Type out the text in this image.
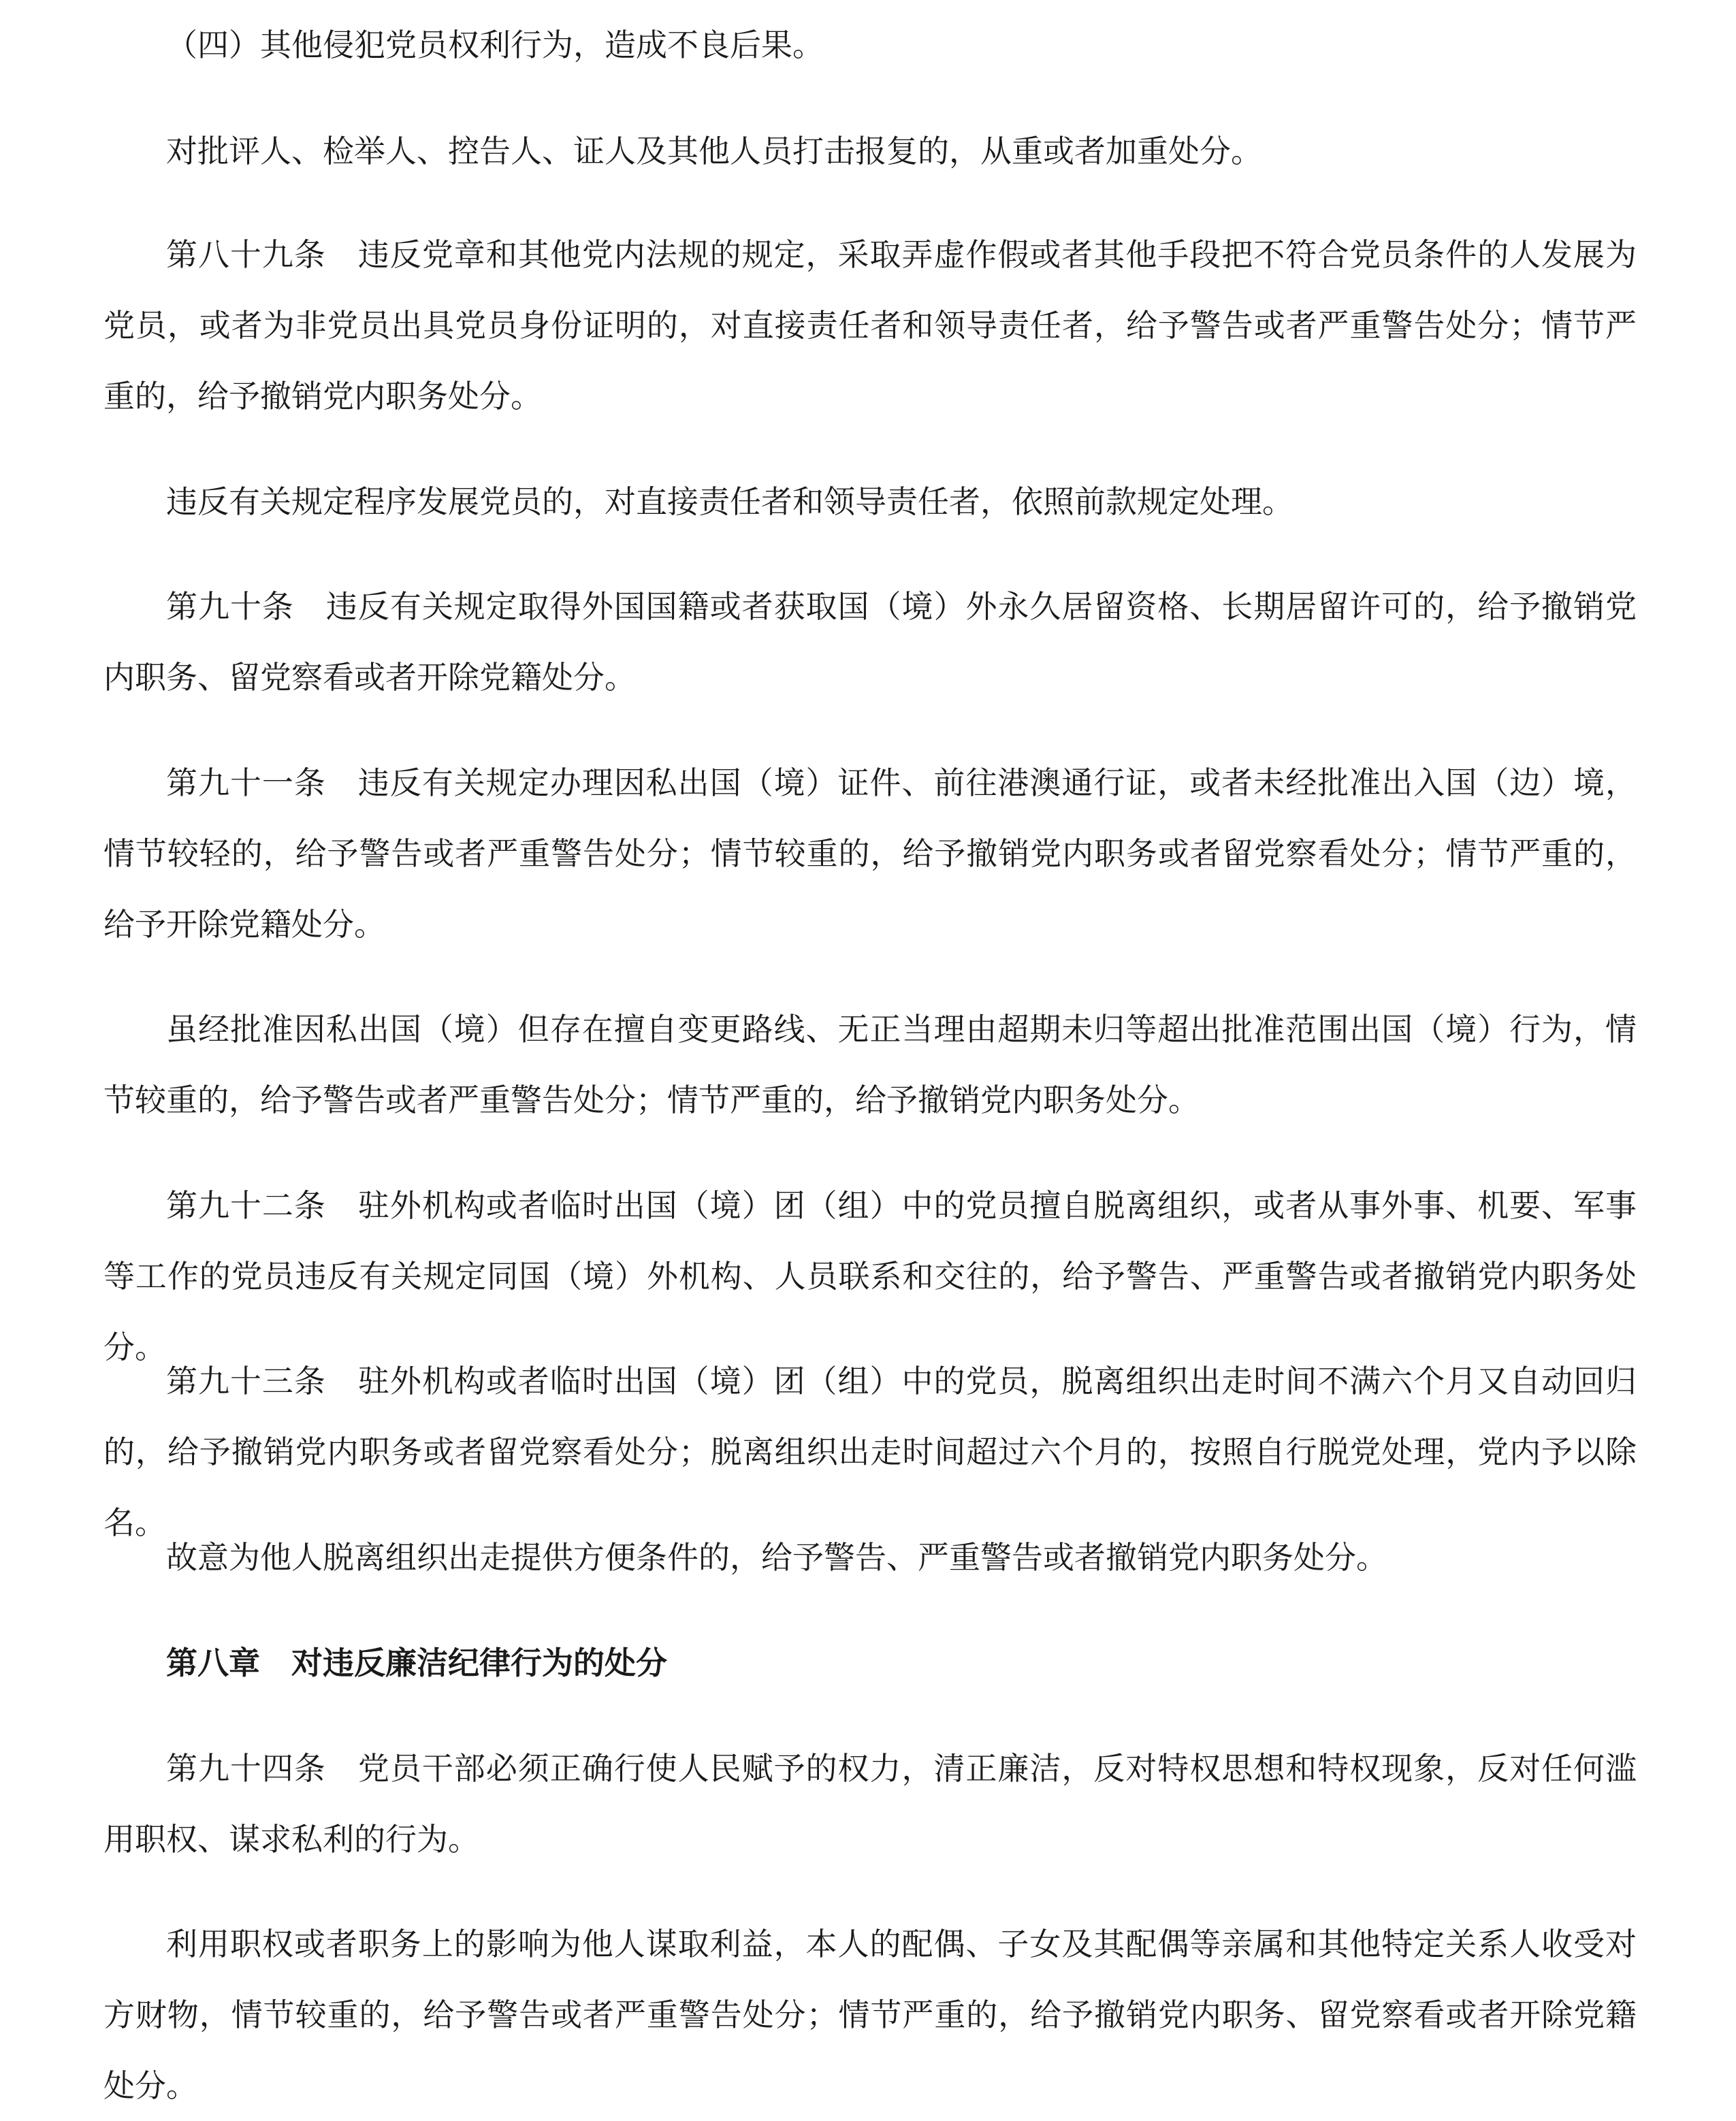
（四）其他侵犯党员权利行为，造成不良后果。

对批评人、检举人、控告人、证人及其他人员打击报复的，从重或者加重处分。

第八十九条　违反党章和其他党内法规的规定，采取弄虚作假或者其他手段把不符合党员条件的人发展为党员，或者为非党员出具党员身份证明的，对直接责任者和领导责任者，给予警告或者严重警告处分；情节严重的，给予撤销党内职务处分。

违反有关规定程序发展党员的，对直接责任者和领导责任者，依照前款规定处理。

第九十条　违反有关规定取得外国国籍或者获取国（境）外永久居留资格、长期居留许可的，给予撤销党内职务、留党察看或者开除党籍处分。

第九十一条　违反有关规定办理因私出国（境）证件、前往港澳通行证，或者未经批准出入国（边）境，情节较轻的，给予警告或者严重警告处分；情节较重的，给予撤销党内职务或者留党察看处分；情节严重的，给予开除党籍处分。

虽经批准因私出国（境）但存在擅自变更路线、无正当理由超期未归等超出批准范围出国（境）行为，情节较重的，给予警告或者严重警告处分；情节严重的，给予撤销党内职务处分。

第九十二条　驻外机构或者临时出国（境）团（组）中的党员擅自脱离组织，或者从事外事、机要、军事等工作的党员违反有关规定同国（境）外机构、人员联系和交往的，给予警告、严重警告或者撤销党内职务处分。

第九十三条　驻外机构或者临时出国（境）团（组）中的党员，脱离组织出走时间不满六个月又自动回归的，给予撤销党内职务或者留党察看处分；脱离组织出走时间超过六个月的，按照自行脱党处理，党内予以除名。

故意为他人脱离组织出走提供方便条件的，给予警告、严重警告或者撤销党内职务处分。

第八章　对违反廉洁纪律行为的处分

第九十四条　党员干部必须正确行使人民赋予的权力，清正廉洁，反对特权思想和特权现象，反对任何滥用职权、谋求私利的行为。

利用职权或者职务上的影响为他人谋取利益，本人的配偶、子女及其配偶等亲属和其他特定关系人收受对方财物，情节较重的，给予警告或者严重警告处分；情节严重的，给予撤销党内职务、留党察看或者开除党籍处分。
